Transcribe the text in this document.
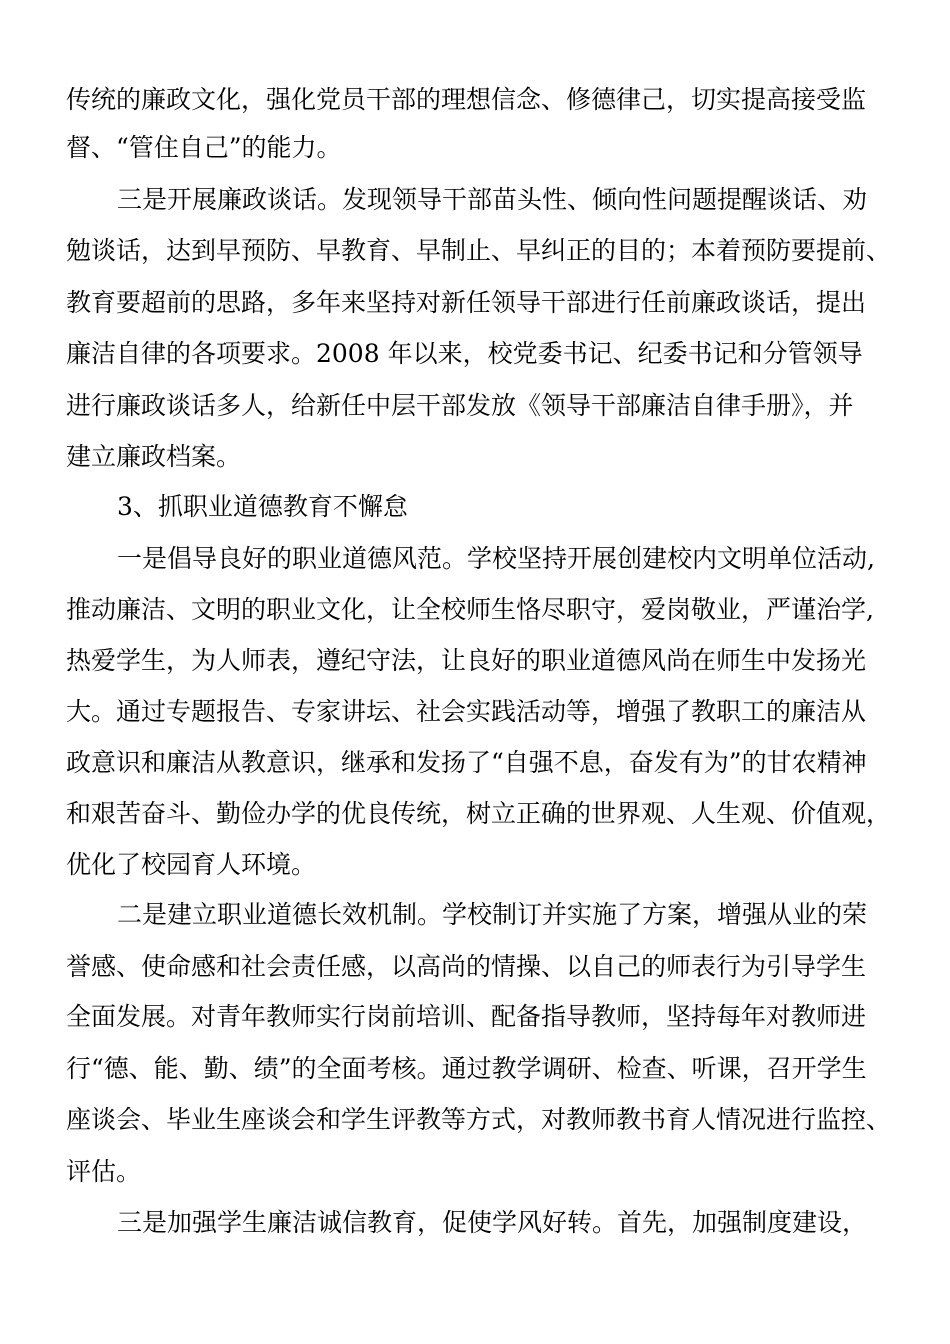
传统的廉政文化，强化党员干部的理想信念、修德律己，切实提高接受监
督、“管住自己”的能力。
三是开展廉政谈话。发现领导干部苗头性、倾向性问题提醒谈话、劝
勉谈话，达到早预防、早教育、早制止、早纠正的目的；本着预防要提前、
教育要超前的思路，多年来坚持对新任领导干部进行任前廉政谈话，提出
廉洁自律的各项要求。2008 年以来，校党委书记、纪委书记和分管领导
进行廉政谈话多人，给新任中层干部发放《领导干部廉洁自律手册》，并
建立廉政档案。
3、抓职业道德教育不懈怠
一是倡导良好的职业道德风范。学校坚持开展创建校内文明单位活动,
推动廉洁、文明的职业文化，让全校师生恪尽职守，爱岗敬业，严谨治学,
热爱学生，为人师表，遵纪守法，让良好的职业道德风尚在师生中发扬光
大。通过专题报告、专家讲坛、社会实践活动等，增强了教职工的廉洁从
政意识和廉洁从教意识，继承和发扬了“自强不息，奋发有为”的甘农精神
和艰苦奋斗、勤俭办学的优良传统，树立正确的世界观、人生观、价值观，
优化了校园育人环境。
二是建立职业道德长效机制。学校制订并实施了方案，增强从业的荣
誉感、使命感和社会责任感，以高尚的情操、以自己的师表行为引导学生
全面发展。对青年教师实行岗前培训、配备指导教师，坚持每年对教师进
行“德、能、勤、绩”的全面考核。通过教学调研、检查、听课，召开学生
座谈会、毕业生座谈会和学生评教等方式，对教师教书育人情况进行监控、
评估。
三是加强学生廉洁诚信教育，促使学风好转。首先，加强制度建设，
